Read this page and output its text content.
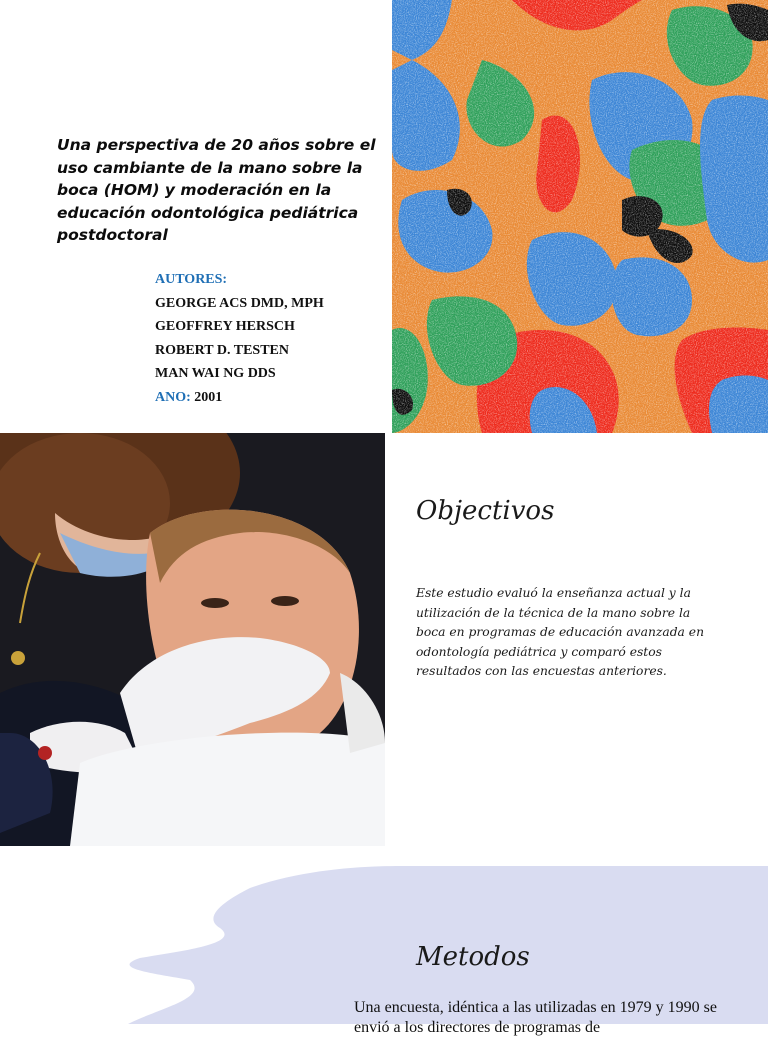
Una perspectiva de 20 años sobre el uso cambiante de la mano sobre la boca (HOM) y moderación en la educación odontológica pediátrica postdoctoral
AUTORES:
GEORGE ACS DMD, MPH
GEOFFREY HERSCH
ROBERT D. TESTEN
MAN WAI NG DDS
ANO: 2001
Objectivos

Este estudio evaluó la enseñanza actual y la utilización de la técnica de la mano sobre la boca en programas de educación avanzada en odontología pediátrica y comparó estos resultados con las encuestas anteriores.

Metodos

Una encuesta, idéntica a las utilizadas en 1979 y 1990 se envió a los directores de programas de
